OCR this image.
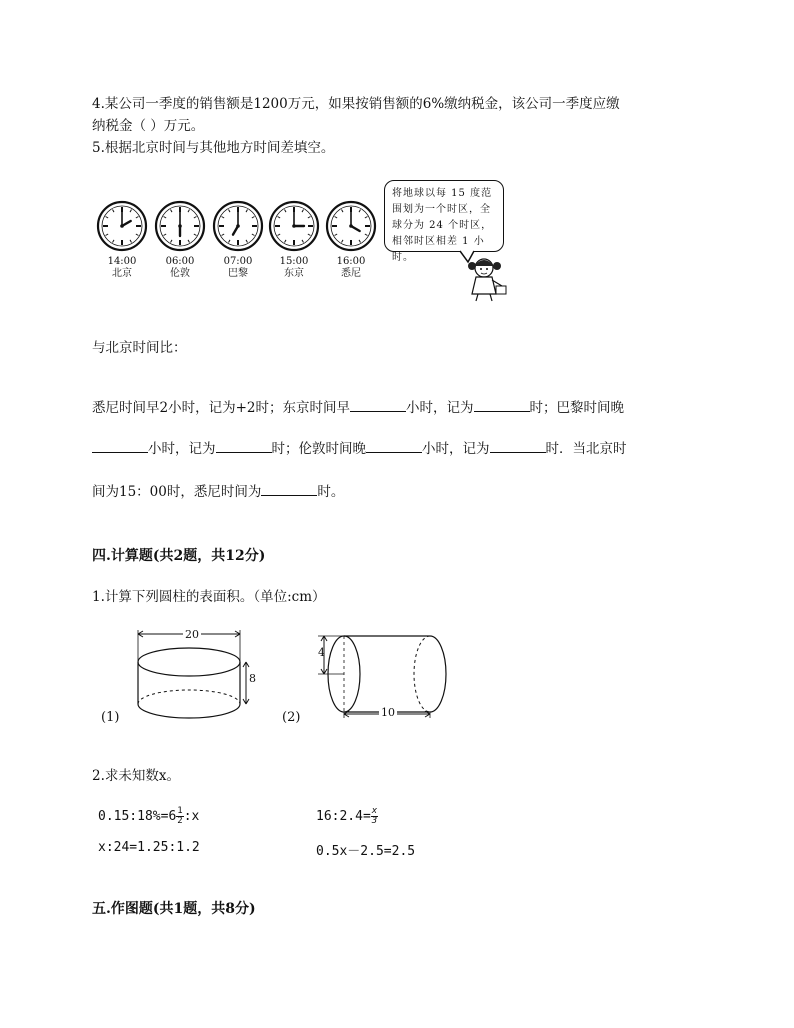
4.某公司一季度的销售额是1200万元，如果按销售额的6%缴纳税金，该公司一季度应缴
纳税金（ ）万元。
5.根据北京时间与其他地方时间差填空。
14:00
北京
06:00
伦敦
07:00
巴黎
15:00
东京
16:00
悉尼
将地球以每 15 度范围划为一个时区，全球分为 24 个时区，相邻时区相差 1 小时。
与北京时间比：
悉尼时间早2小时，记为+2时；东京时间早	小时，记为	时；巴黎时间晚
小时，记为	时；伦敦时间晚	小时，记为	时．当北京时
间为15：00时，悉尼时间为	时。
四.计算题(共2题，共12分)
1.计算下列圆柱的表面积。（单位:cm）
20
8
(1)
4
10
(2)
2.求未知数x。
0.15:18%=6 $\frac{1}{2}$ :x	16:2.4= $\frac{x}{3}$
x:24=1.25:1.2	0.5x－2.5=2.5
五.作图题(共1题，共8分)
